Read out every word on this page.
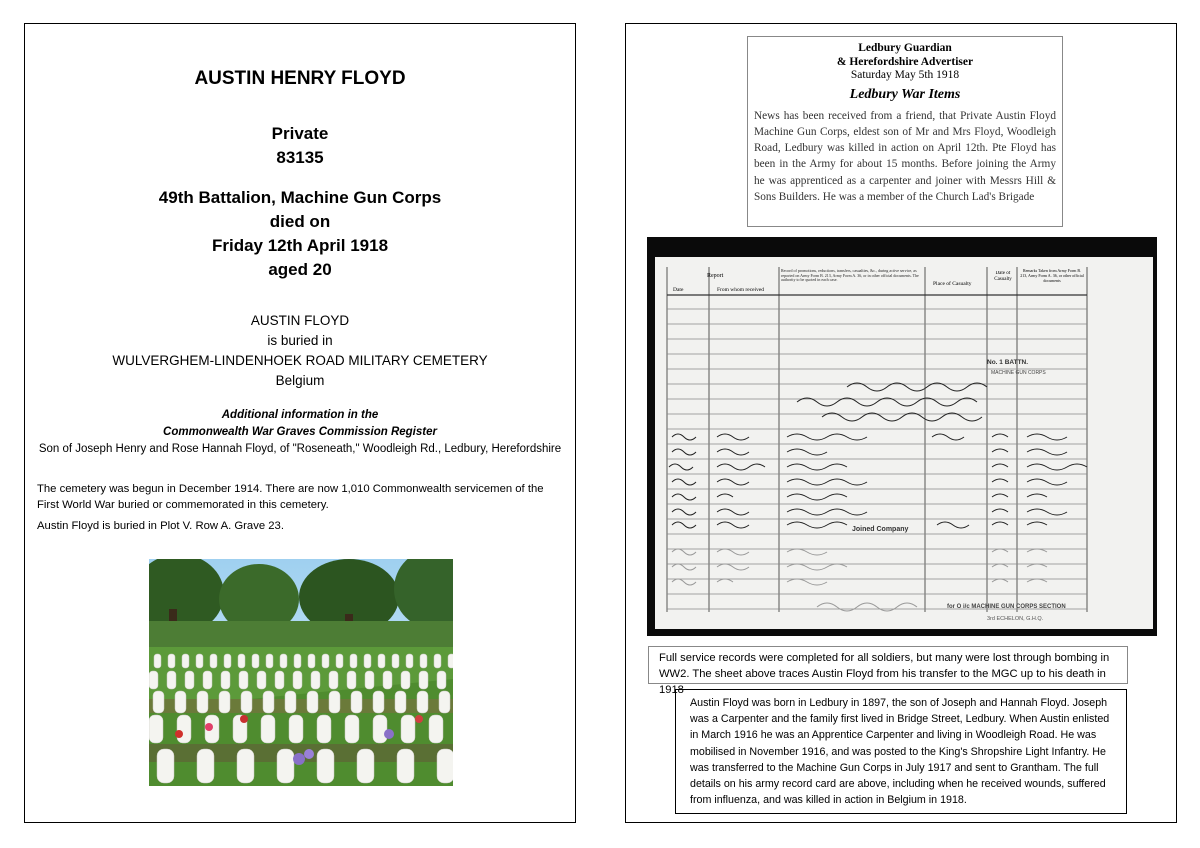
AUSTIN HENRY FLOYD
Private
83135
49th Battalion, Machine Gun Corps
died on
Friday 12th April 1918
aged 20
AUSTIN FLOYD
is buried in
WULVERGHEM-LINDENHOEK ROAD MILITARY CEMETERY
Belgium
Additional information in the
Commonwealth War Graves Commission Register
Son of Joseph Henry and Rose Hannah Floyd, of "Roseneath," Woodleigh Rd., Ledbury, Herefordshire
The cemetery was begun in December 1914. There are now 1,010 Commonwealth servicemen of the First World War buried or commemorated in this cemetery.
Austin Floyd is buried in Plot V. Row A. Grave 23.
Ledbury Guardian
& Herefordshire Advertiser
Saturday May 5th 1918
Ledbury War Items
News has been received from a friend, that Private Austin Floyd Machine Gun Corps, eldest son of Mr and Mrs Floyd, Woodleigh Road, Ledbury was killed in action on April 12th. Pte Floyd has been in the Army for about 15 months. Before joining the Army he was apprenticed as a carpenter and joiner with Messrs Hill & Sons Builders. He was a member of the Church Lad's Brigade
Report
Date	From whom received
Record of promotions, reductions, transfers, casualties, &c., during active service, as reported on Army Form B. 213, Army Form A. 36, or in other official documents. The authority to be quoted in each case.
Place of Casualty
Date of Casualty
Remarks Taken from Army Form B. 213, Army Form A. 36, or other official documents
No. 1 BATTN.
MACHINE GUN CORPS
Joined Company
for O i/c MACHINE GUN CORPS SECTION
3rd ECHELON, G.H.Q.
Full service records were completed for all soldiers, but many were lost through bombing in WW2. The sheet above traces Austin Floyd from his transfer to the MGC up to his death in 1918
Austin Floyd was born in Ledbury in 1897, the son of Joseph and Hannah Floyd. Joseph was a Carpenter and the family first lived in Bridge Street, Ledbury. When Austin enlisted in March 1916 he was an Apprentice Carpenter and living in Woodleigh Road. He was mobilised in November 1916, and was posted to the King's Shropshire Light Infantry. He was transferred to the Machine Gun Corps in July 1917 and sent to Grantham. The full details on his army record card are above, including when he received wounds, suffered from influenza, and was killed in action in Belgium in 1918.
